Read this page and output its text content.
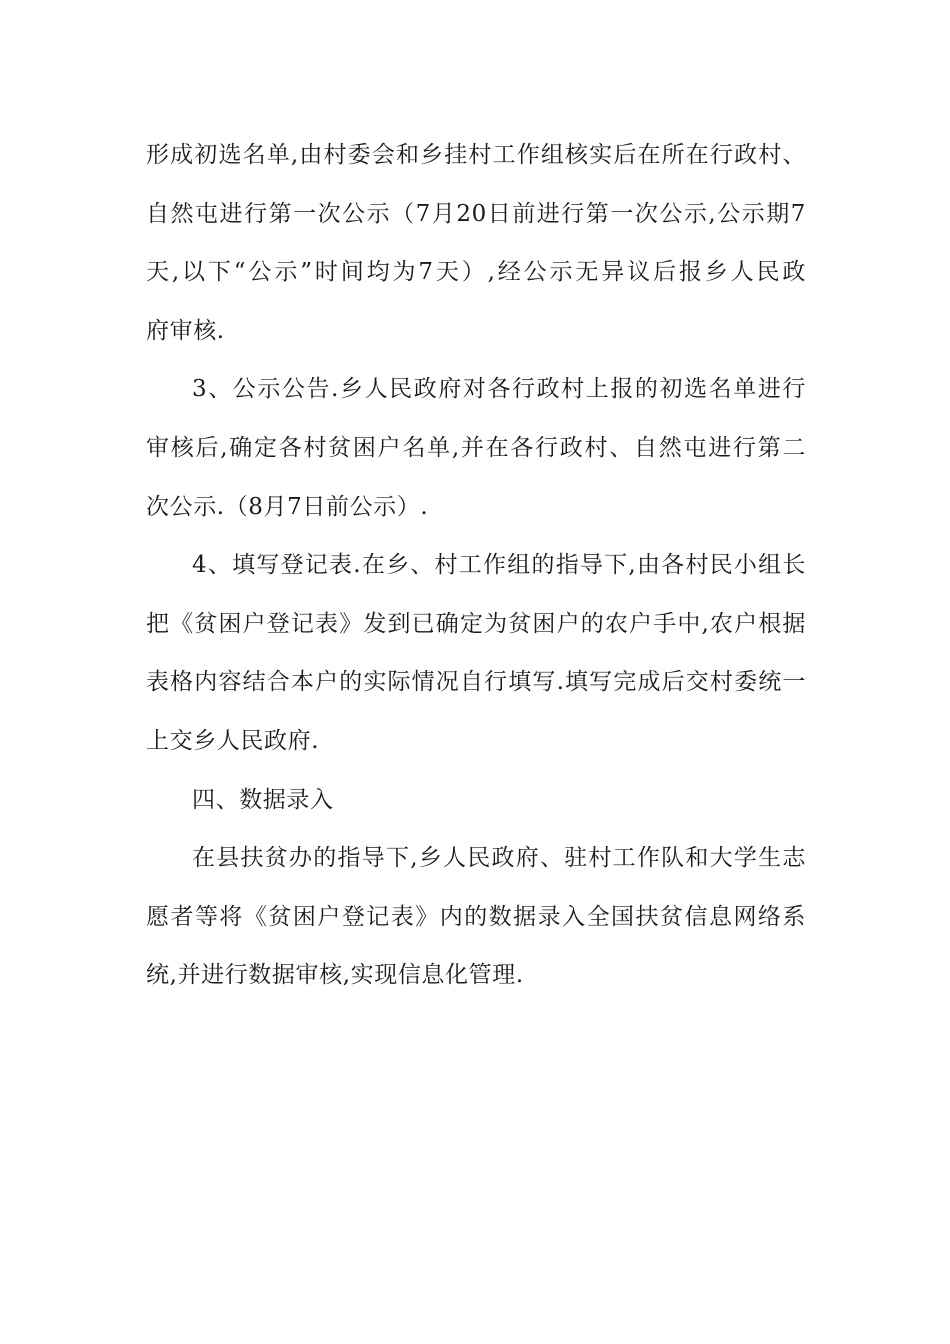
形成初选名单,由村委会和乡挂村工作组核实后在所在行政村、
自然屯进行第一次公示（7月20日前进行第一次公示,公示期7
天,以下“公示”时间均为7天）,经公示无异议后报乡人民政
府审核.
3、公示公告.乡人民政府对各行政村上报的初选名单进行
审核后,确定各村贫困户名单,并在各行政村、自然屯进行第二
次公示.（8月7日前公示）.
4、填写登记表.在乡、村工作组的指导下,由各村民小组长
把《贫困户登记表》发到已确定为贫困户的农户手中,农户根据
表格内容结合本户的实际情况自行填写.填写完成后交村委统一
上交乡人民政府.
四、数据录入
在县扶贫办的指导下,乡人民政府、驻村工作队和大学生志
愿者等将《贫困户登记表》内的数据录入全国扶贫信息网络系
统,并进行数据审核,实现信息化管理.
